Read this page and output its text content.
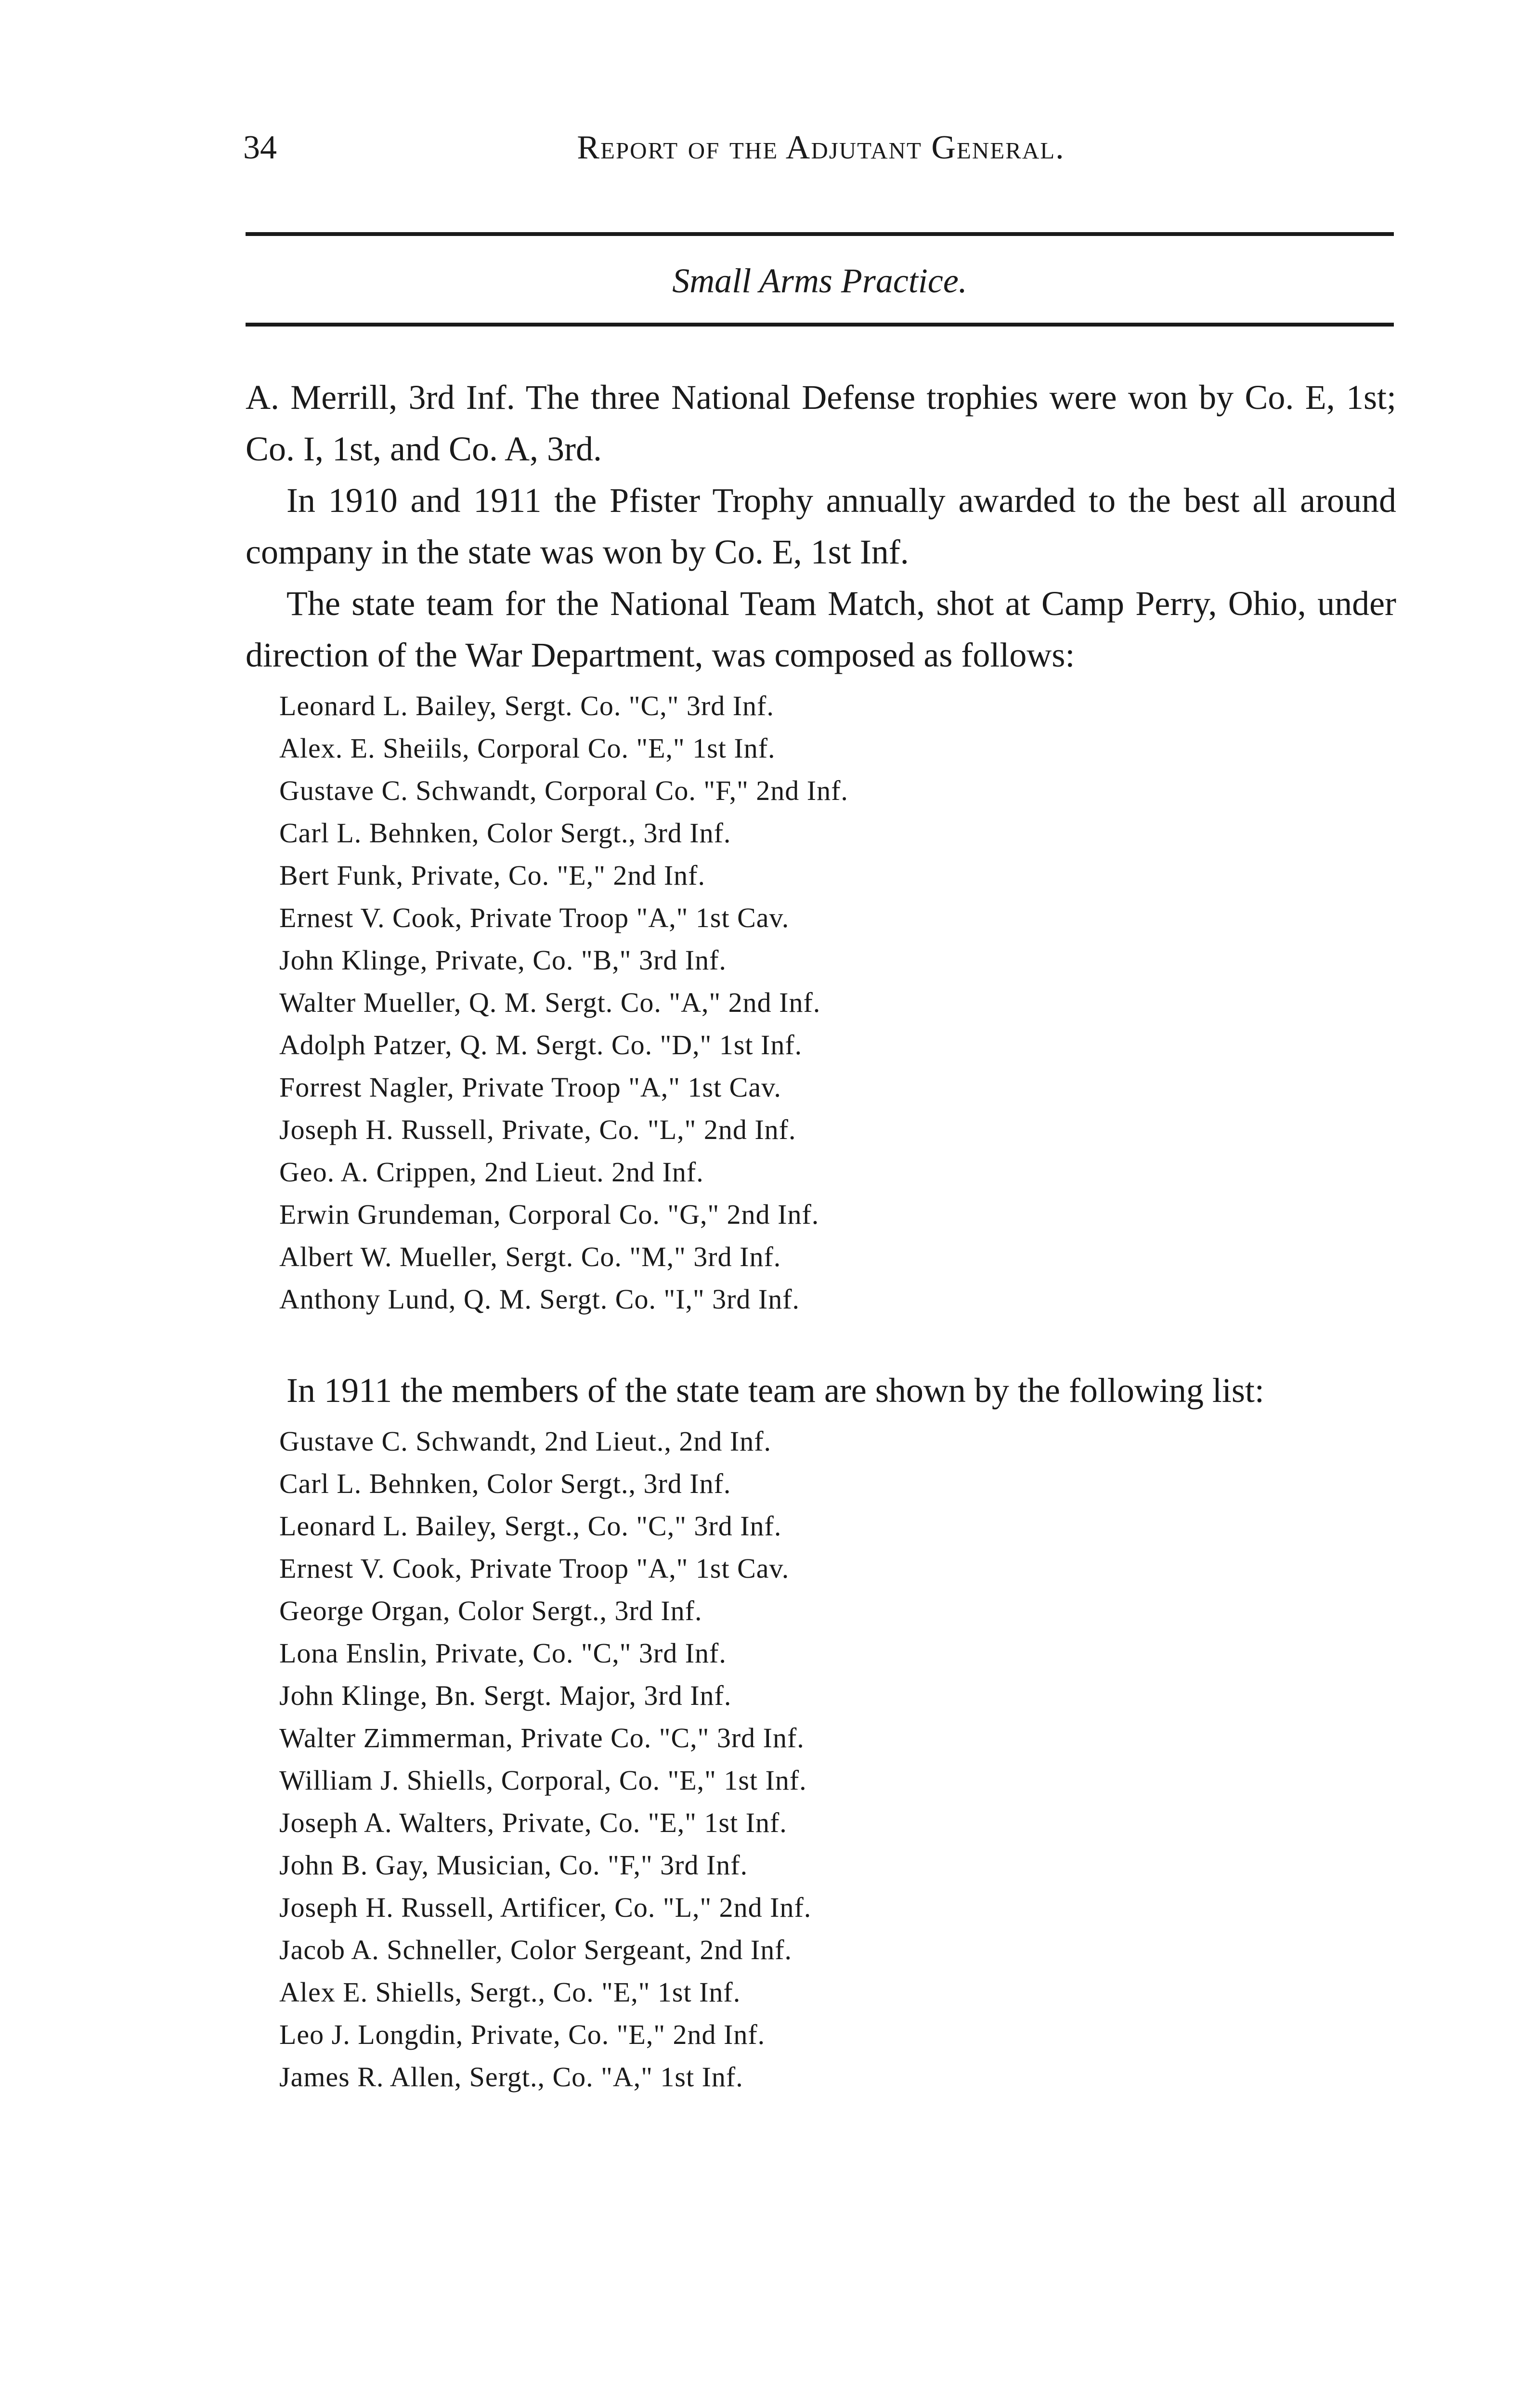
34	Report of the Adjutant General.
Small Arms Practice.

A. Merrill, 3rd Inf. The three National Defense trophies were won by Co. E, 1st; Co. I, 1st, and Co. A, 3rd.

In 1910 and 1911 the Pfister Trophy annually awarded to the best all around company in the state was won by Co. E, 1st Inf.

The state team for the National Team Match, shot at Camp Perry, Ohio, under direction of the War Department, was composed as follows:

Leonard L. Bailey, Sergt. Co. "C," 3rd Inf.
Alex. E. Sheiils, Corporal Co. "E," 1st Inf.
Gustave C. Schwandt, Corporal Co. "F," 2nd Inf.
Carl L. Behnken, Color Sergt., 3rd Inf.
Bert Funk, Private, Co. "E," 2nd Inf.
Ernest V. Cook, Private Troop "A," 1st Cav.
John Klinge, Private, Co. "B," 3rd Inf.
Walter Mueller, Q. M. Sergt. Co. "A," 2nd Inf.
Adolph Patzer, Q. M. Sergt. Co. "D," 1st Inf.
Forrest Nagler, Private Troop "A," 1st Cav.
Joseph H. Russell, Private, Co. "L," 2nd Inf.
Geo. A. Crippen, 2nd Lieut. 2nd Inf.
Erwin Grundeman, Corporal Co. "G," 2nd Inf.
Albert W. Mueller, Sergt. Co. "M," 3rd Inf.
Anthony Lund, Q. M. Sergt. Co. "I," 3rd Inf.

In 1911 the members of the state team are shown by the following list:

Gustave C. Schwandt, 2nd Lieut., 2nd Inf.
Carl L. Behnken, Color Sergt., 3rd Inf.
Leonard L. Bailey, Sergt., Co. "C," 3rd Inf.
Ernest V. Cook, Private Troop "A," 1st Cav.
George Organ, Color Sergt., 3rd Inf.
Lona Enslin, Private, Co. "C," 3rd Inf.
John Klinge, Bn. Sergt. Major, 3rd Inf.
Walter Zimmerman, Private Co. "C," 3rd Inf.
William J. Shiells, Corporal, Co. "E," 1st Inf.
Joseph A. Walters, Private, Co. "E," 1st Inf.
John B. Gay, Musician, Co. "F," 3rd Inf.
Joseph H. Russell, Artificer, Co. "L," 2nd Inf.
Jacob A. Schneller, Color Sergeant, 2nd Inf.
Alex E. Shiells, Sergt., Co. "E," 1st Inf.
Leo J. Longdin, Private, Co. "E," 2nd Inf.
James R. Allen, Sergt., Co. "A," 1st Inf.
